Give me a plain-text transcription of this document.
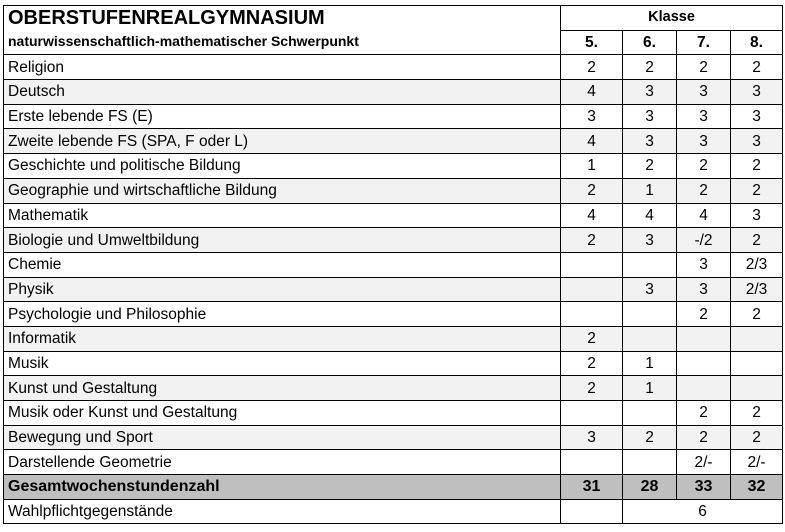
OBERSTUFENREALGYMNASIUM	Klasse			
naturwissenschaftlich-mathematischer Schwerpunkt	5.	6.	7.	8.
Religion	2	2	2	2
Deutsch	4	3	3	3
Erste lebende FS (E)	3	3	3	3
Zweite lebende FS (SPA, F oder L)	4	3	3	3
Geschichte und politische Bildung	1	2	2	2
Geographie und wirtschaftliche Bildung	2	1	2	2
Mathematik	4	4	4	3
Biologie und Umweltbildung	2	3	-/2	2
Chemie			3	2/3
Physik		3	3	2/3
Psychologie und Philosophie			2	2
Informatik	2			
Musik	2	1		
Kunst und Gestaltung	2	1		
Musik oder Kunst und Gestaltung			2	2
Bewegung und Sport	3	2	2	2
Darstellende Geometrie			2/-	2/-
Gesamtwochenstundenzahl	31	28	33	32
Wahlpflichtgegenstände		6		
